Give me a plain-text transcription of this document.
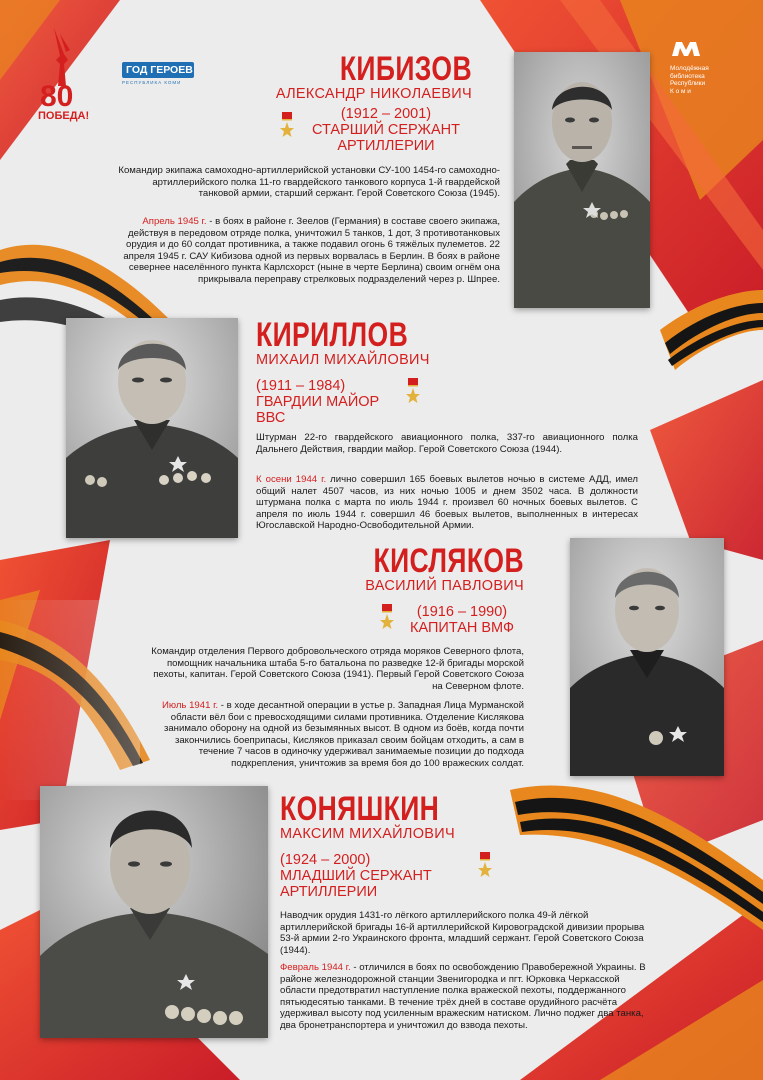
80
ПОБЕДА!
ГОД ГЕРОЕВ
РЕСПУБЛИКА КОМИ
Молодёжная
библиотека
Республики
К о м и
КИБИЗОВ
АЛЕКСАНДР НИКОЛАЕВИЧ
(1912 – 2001)
СТАРШИЙ СЕРЖАНТ
АРТИЛЛЕРИИ
Командир экипажа самоходно-артиллерийской установки СУ-100 1454-го самоходно-артиллерийского полка 11-го гвардейского танкового корпуса 1-й гвардейской танковой армии, старший сержант. Герой Советского Союза (1945).
Апрель 1945 г. - в боях в районе г. Зеелов (Германия) в составе своего экипажа, действуя в передовом отряде полка, уничтожил 5 танков, 1 дот, 3 противотанковых орудия и до 60 солдат противника, а также подавил огонь 6 тяжёлых пулеметов. 22 апреля 1945 г. САУ Кибизова одной из первых ворвалась в Берлин. В боях в районе севернее населённого пункта Карлсхорст (ныне в черте Берлина) своим огнём она прикрывала переправу стрелковых подразделений через р. Шпрее.
КИРИЛЛОВ
МИХАИЛ МИХАЙЛОВИЧ
(1911 – 1984)
ГВАРДИИ МАЙОР
ВВС
Штурман 22-го гвардейского авиационного полка, 337-го авиационного полка Дальнего Действия, гвардии майор. Герой Советского Союза (1944).
К осени 1944 г. лично совершил 165 боевых вылетов ночью в системе АДД, имел общий налет 4507 часов, из них ночью 1005 и днем 3502 часа. В должности штурмана полка с марта по июль 1944 г. произвел 60 ночных боевых вылетов. С апреля по июль 1944 г. совершил 46 боевых вылетов, выполненных в интересах Югославской Народно-Освободительной Армии.
КИСЛЯКОВ
ВАСИЛИЙ ПАВЛОВИЧ
(1916 – 1990)
КАПИТАН ВМФ
Командир отделения Первого добровольческого отряда моряков Северного флота, помощник начальника штаба 5-го батальона по разведке 12-й бригады морской пехоты, капитан. Герой Советского Союза (1941). Первый Герой Советского Союза на Северном флоте.
Июль 1941 г. - в ходе десантной операции в устье р. Западная Лица Мурманской области вёл бои с превосходящими силами противника. Отделение Кислякова занимало оборону на одной из безымянных высот. В одном из боёв, когда почти закончились боеприпасы, Кисляков приказал своим бойцам отходить, а сам в течение 7 часов в одиночку удерживал занимаемые позиции до подхода подкрепления, уничтожив за время боя до 100 вражеских солдат.
КОНЯШКИН
МАКСИМ МИХАЙЛОВИЧ
(1924 – 2000)
МЛАДШИЙ СЕРЖАНТ
АРТИЛЛЕРИИ
Наводчик орудия 1431-го лёгкого артиллерийского полка 49-й лёгкой артиллерийской бригады 16-й артиллерийской Кировоградской дивизии прорыва 53-й армии 2-го Украинского фронта, младший сержант. Герой Советского Союза (1944).
Февраль 1944 г. - отличился в боях по освобождению Правобережной Украины. В районе железнодорожной станции Звенигородка и пгт. Юрковка Черкасской области предотвратил наступление полка вражеской пехоты, поддержанного пятьюдесятью танками. В течение трёх дней в составе орудийного расчёта удерживал высоту под усиленным вражеским натиском. Лично поджег два танка, два бронетранспортера и уничтожил до взвода пехоты.
